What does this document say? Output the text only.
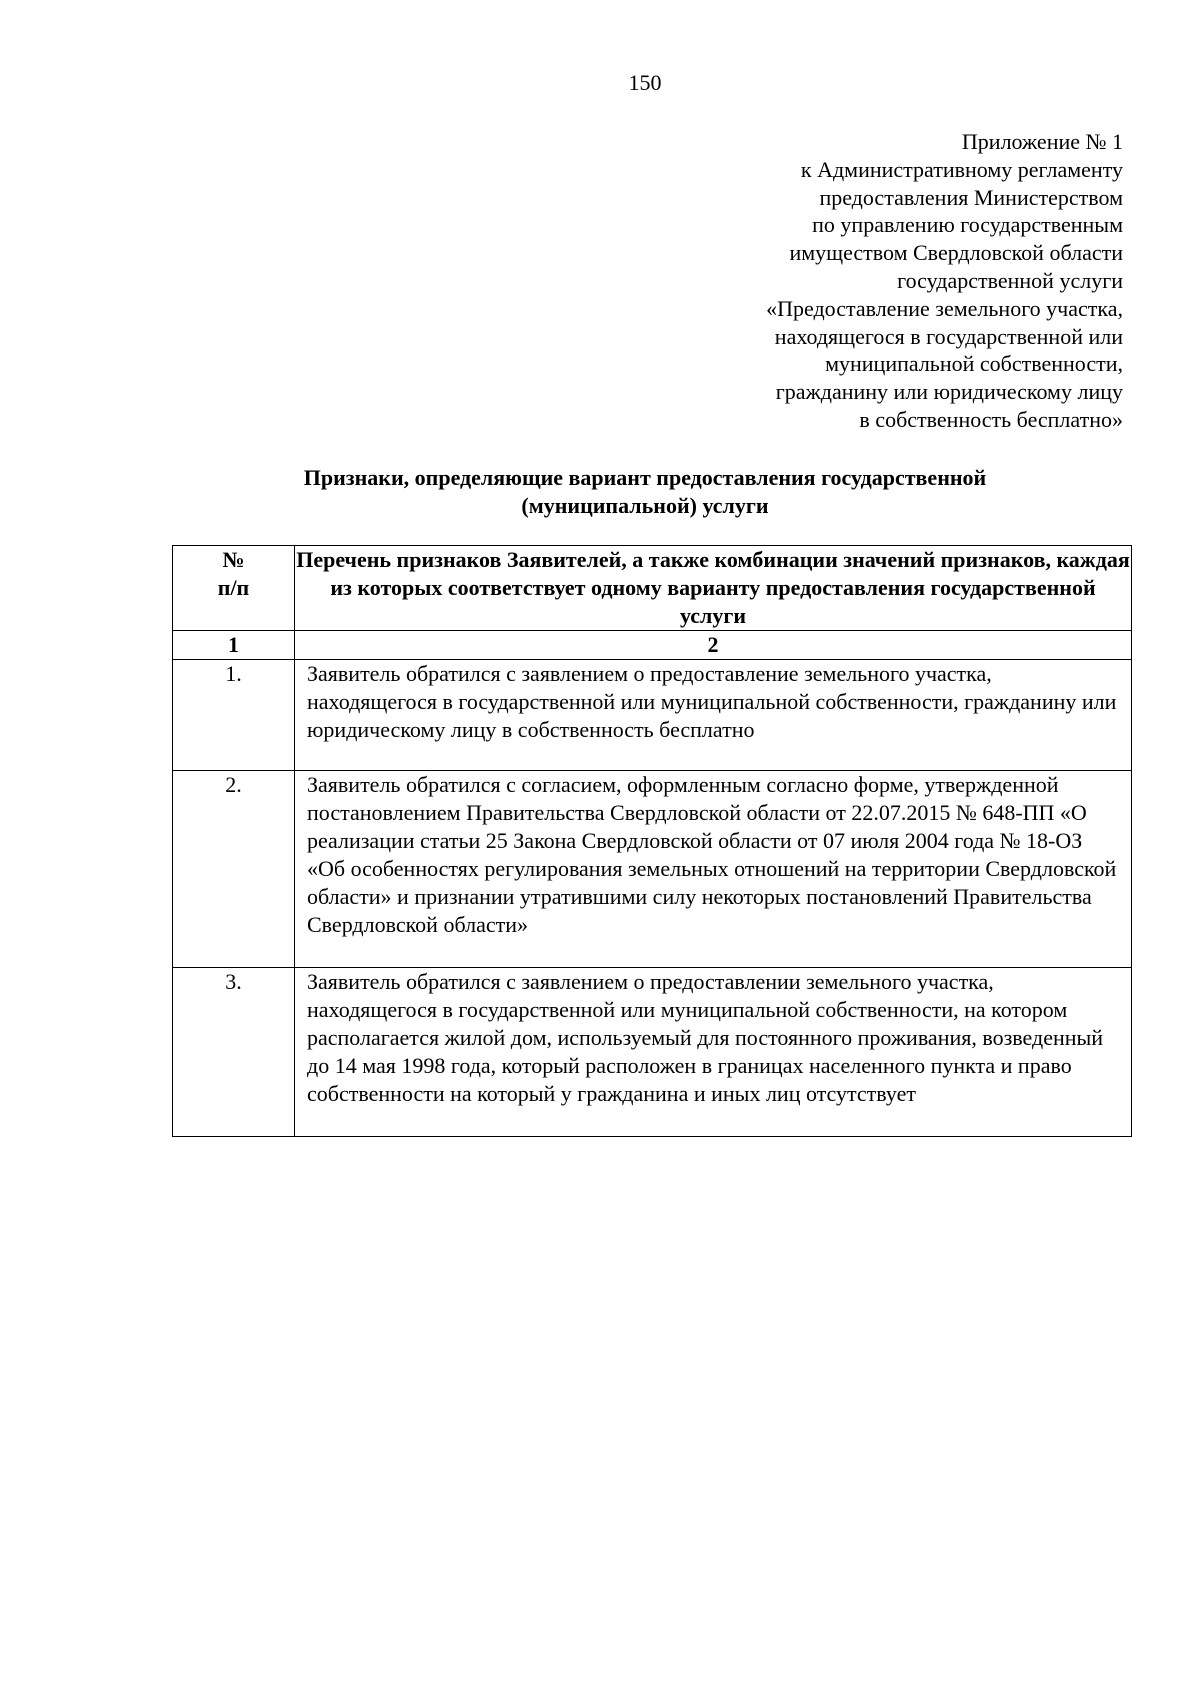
150
Приложение № 1
к Административному регламенту
предоставления Министерством
по управлению государственным
имуществом Свердловской области
государственной услуги
«Предоставление земельного участка,
находящегося в государственной или
муниципальной собственности,
гражданину или юридическому лицу
в собственность бесплатно»
Признаки, определяющие вариант предоставления государственной
(муниципальной) услуги
№
п/п	Перечень признаков Заявителей, а также комбинации значений признаков, каждая из которых соответствует одному варианту предоставления государственной услуги
1	2
1.	Заявитель обратился с заявлением о предоставление земельного участка, находящегося в государственной или муниципальной собственности, гражданину или юридическому лицу в собственность бесплатно
2.	Заявитель обратился с согласием, оформленным согласно форме, утвержденной постановлением Правительства Свердловской области от 22.07.2015 № 648-ПП «О реализации статьи 25 Закона Свердловской области от 07 июля 2004 года № 18-ОЗ «Об особенностях регулирования земельных отношений на территории Свердловской области» и признании утратившими силу некоторых постановлений Правительства Свердловской области»
3.	Заявитель обратился с заявлением о предоставлении земельного участка, находящегося в государственной или муниципальной собственности, на котором располагается жилой дом, используемый для постоянного проживания, возведенный до 14 мая 1998 года, который расположен в границах населенного пункта и право собственности на который у гражданина и иных лиц отсутствует
